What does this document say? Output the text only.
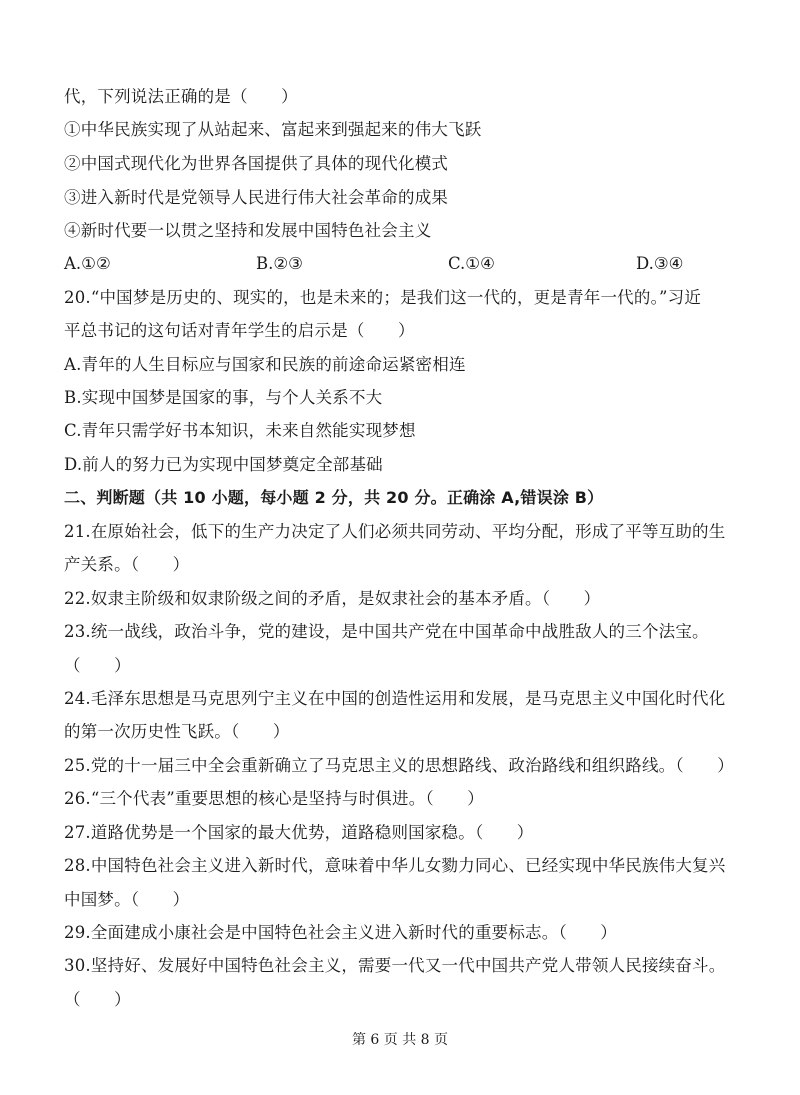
代，下列说法正确的是（　　）
①中华民族实现了从站起来、富起来到强起来的伟大飞跃
②中国式现代化为世界各国提供了具体的现代化模式
③进入新时代是党领导人民进行伟大社会革命的成果
④新时代要一以贯之坚持和发展中国特色社会主义
A.①②	B.②③	C.①④	D.③④
20.“中国梦是历史的、现实的，也是未来的；是我们这一代的，更是青年一代的。”习近
平总书记的这句话对青年学生的启示是（　　）
A.青年的人生目标应与国家和民族的前途命运紧密相连
B.实现中国梦是国家的事，与个人关系不大
C.青年只需学好书本知识，未来自然能实现梦想
D.前人的努力已为实现中国梦奠定全部基础
二、判断题（共 10 小题，每小题 2 分，共 20 分。正确涂 A,错误涂 B）
21.在原始社会，低下的生产力决定了人们必须共同劳动、平均分配，形成了平等互助的生
产关系。（　　）
22.奴隶主阶级和奴隶阶级之间的矛盾，是奴隶社会的基本矛盾。（　　）
23.统一战线，政治斗争，党的建设，是中国共产党在中国革命中战胜敌人的三个法宝。
（　　）
24.毛泽东思想是马克思列宁主义在中国的创造性运用和发展，是马克思主义中国化时代化
的第一次历史性飞跃。（　　）
25.党的十一届三中全会重新确立了马克思主义的思想路线、政治路线和组织路线。（　　）
26.“三个代表”重要思想的核心是坚持与时俱进。（　　）
27.道路优势是一个国家的最大优势，道路稳则国家稳。（　　）
28.中国特色社会主义进入新时代，意味着中华儿女勠力同心、已经实现中华民族伟大复兴
中国梦。（　　）
29.全面建成小康社会是中国特色社会主义进入新时代的重要标志。（　　）
30.坚持好、发展好中国特色社会主义，需要一代又一代中国共产党人带领人民接续奋斗。
（　　）
第 6 页 共 8 页
